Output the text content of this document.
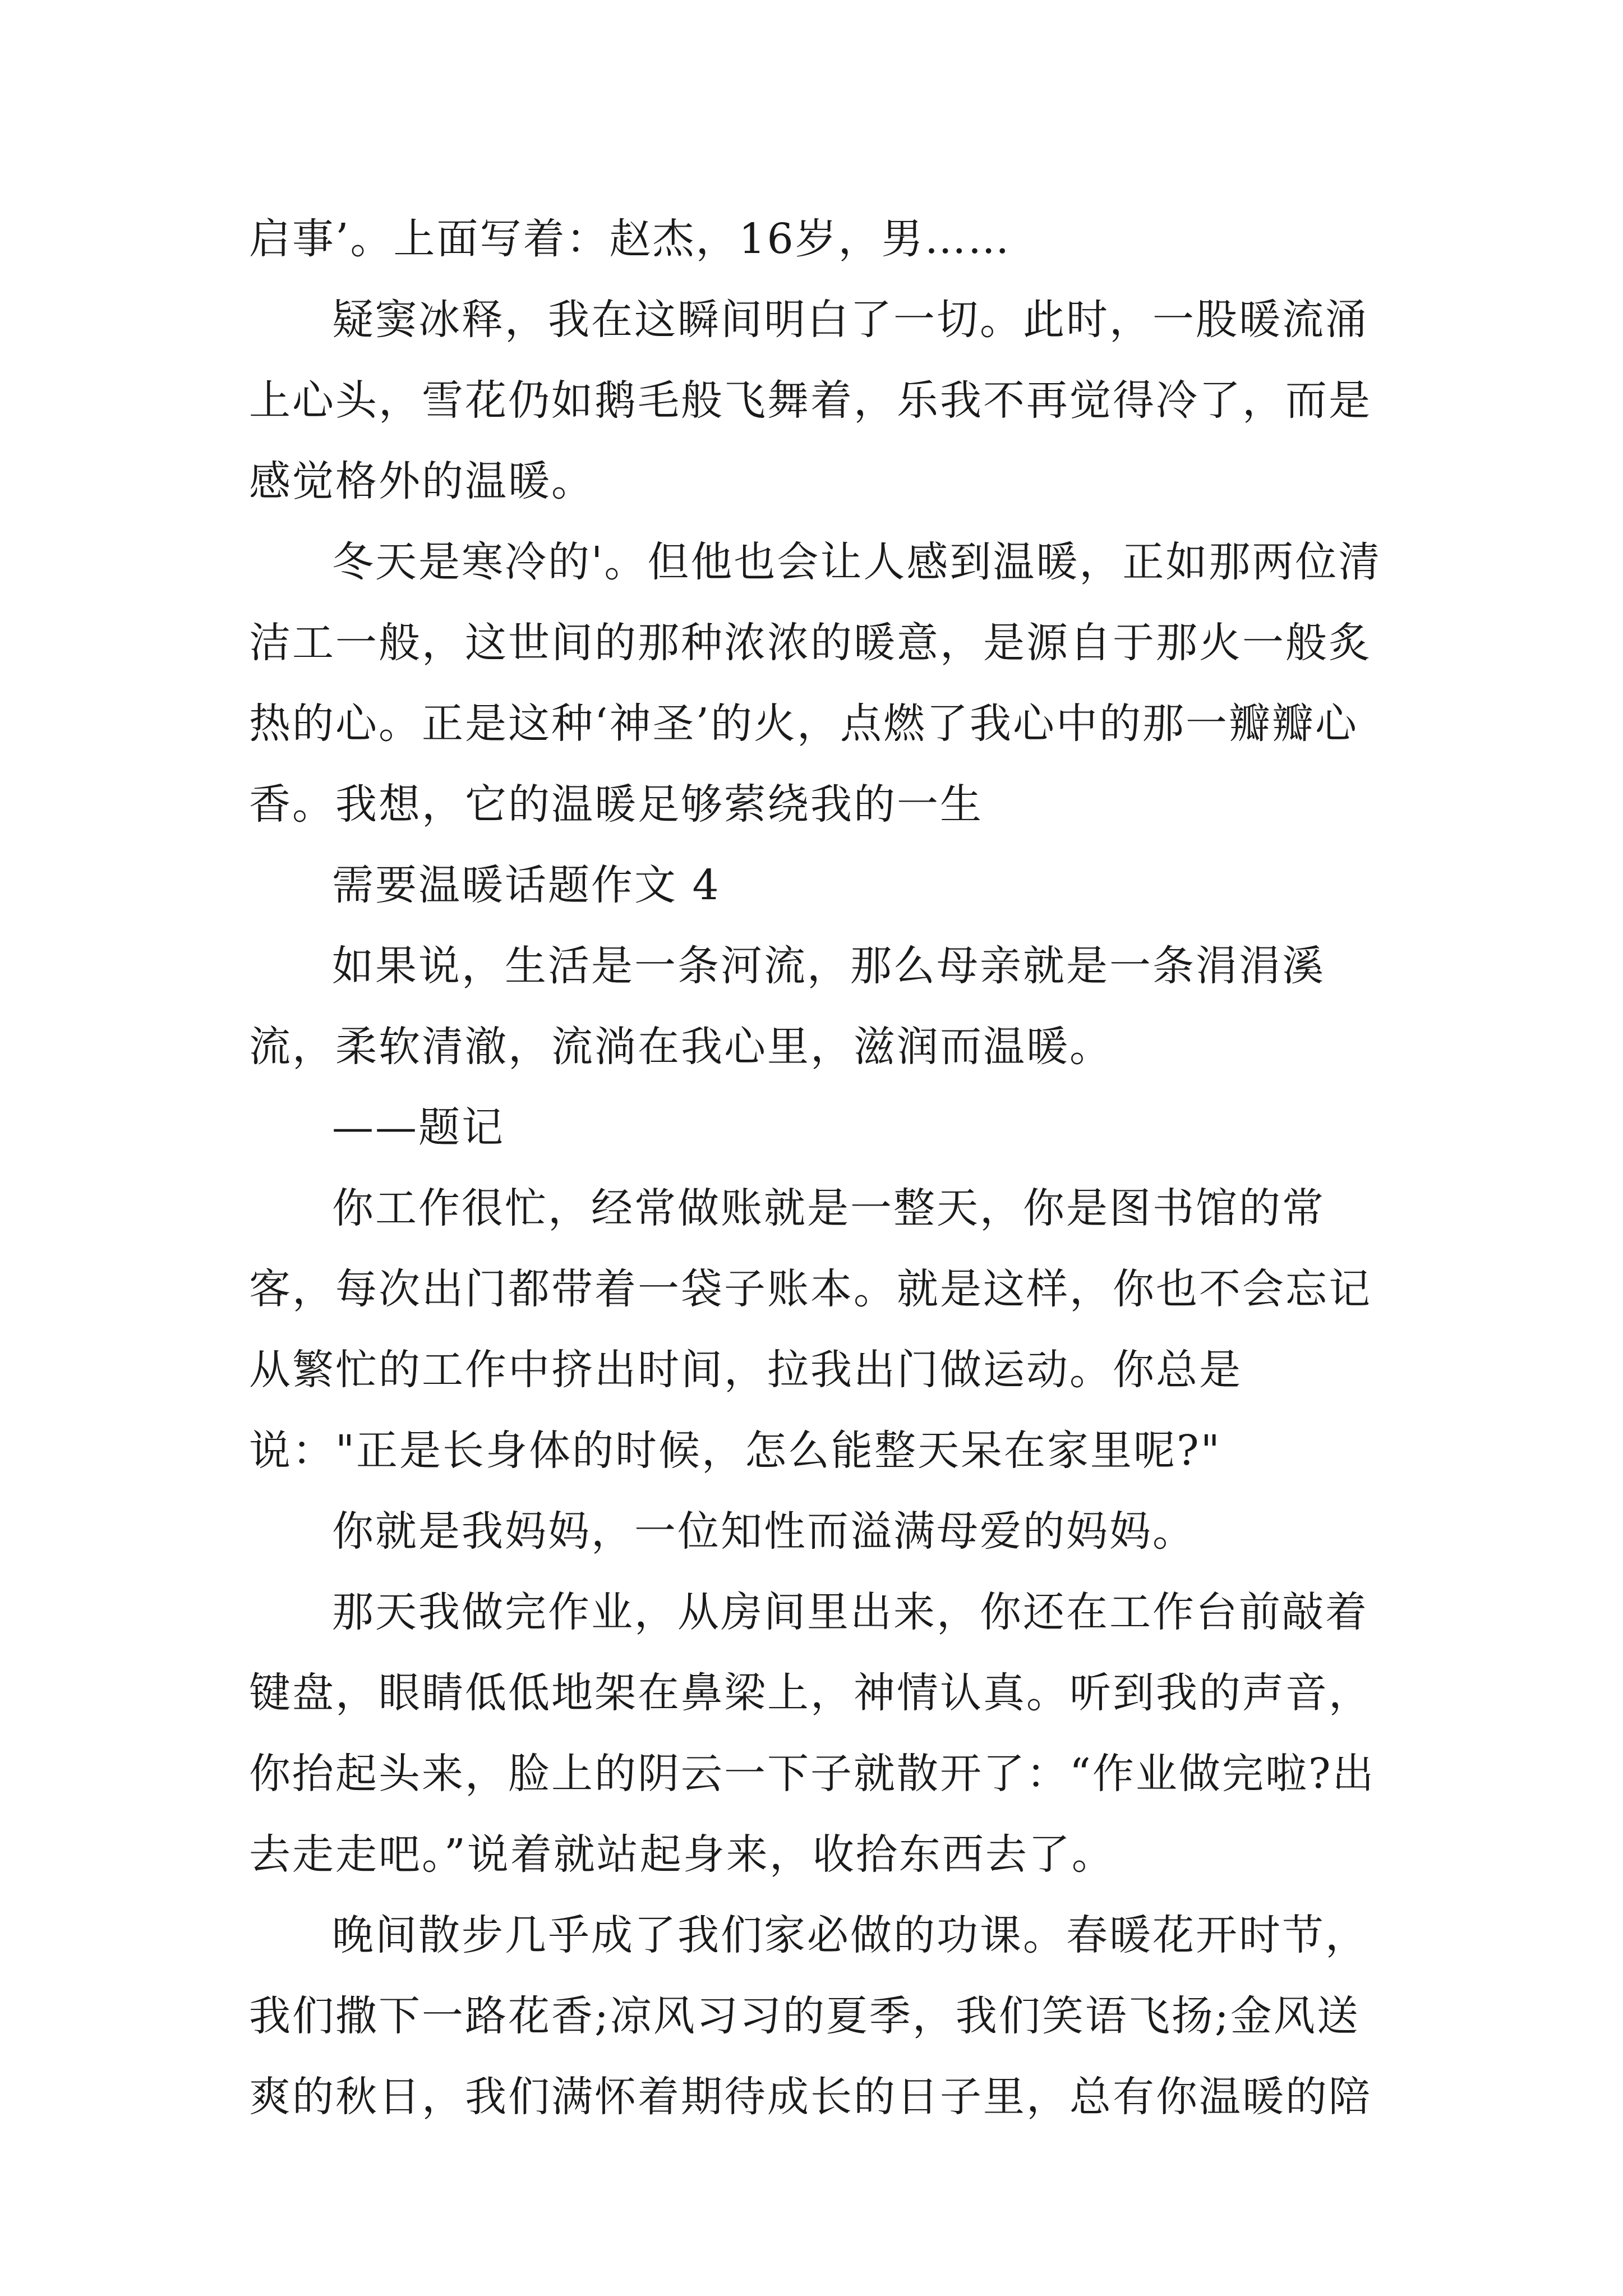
启事’。上面写着：赵杰，16岁，男……

疑窦冰释，我在这瞬间明白了一切。此时，一股暖流涌上心头，雪花仍如鹅毛般飞舞着，乐我不再觉得冷了，而是感觉格外的温暖。

冬天是寒冷的'。但他也会让人感到温暖，正如那两位清洁工一般，这世间的那种浓浓的暖意，是源自于那火一般炙热的心。正是这种‘神圣’的火，点燃了我心中的那一瓣瓣心香。我想，它的温暖足够萦绕我的一生

需要温暖话题作文 4

如果说，生活是一条河流，那么母亲就是一条涓涓溪流，柔软清澈，流淌在我心里，滋润而温暖。

——题记

你工作很忙，经常做账就是一整天，你是图书馆的常客，每次出门都带着一袋子账本。就是这样，你也不会忘记从繁忙的工作中挤出时间，拉我出门做运动。你总是说："正是长身体的时候，怎么能整天呆在家里呢?"

你就是我妈妈，一位知性而溢满母爱的妈妈。

那天我做完作业，从房间里出来，你还在工作台前敲着键盘，眼睛低低地架在鼻梁上，神情认真。听到我的声音，你抬起头来，脸上的阴云一下子就散开了：“作业做完啦?出去走走吧。”说着就站起身来，收拾东西去了。

晚间散步几乎成了我们家必做的功课。春暖花开时节，我们撒下一路花香;凉风习习的夏季，我们笑语飞扬;金风送爽的秋日，我们满怀着期待成长的日子里，总有你温暖的陪
